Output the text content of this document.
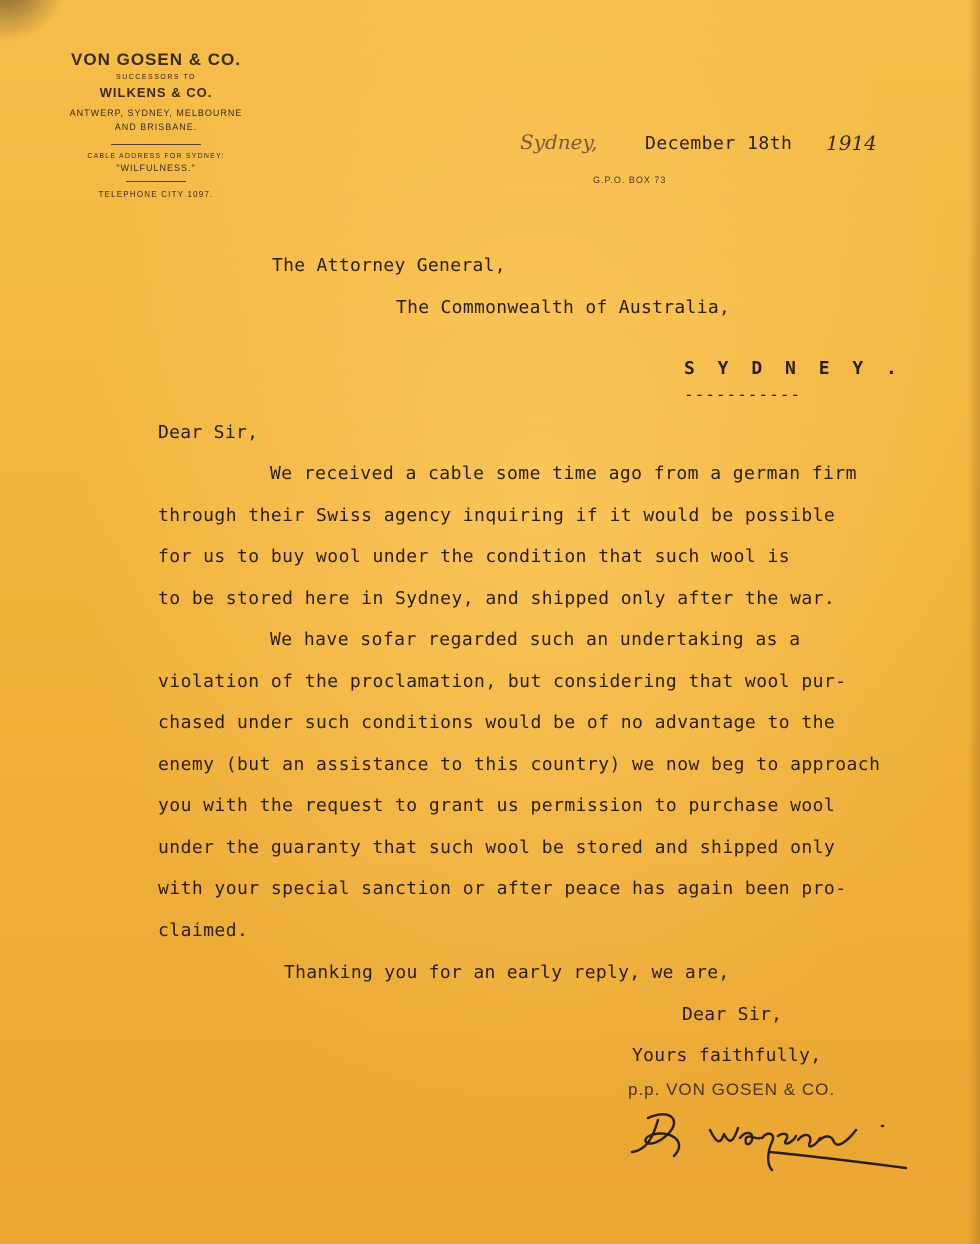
VON GOSEN & CO.
SUCCESSORS TO
WILKENS & CO.
ANTWERP, SYDNEY, MELBOURNE
AND BRISBANE.
CABLE ADDRESS FOR SYDNEY:
"WILFULNESS."
TELEPHONE CITY 1097.
Sydney,	December 18th 1914
G.P.O. BOX 73
The Attorney General,
The Commonwealth of Australia,
S Y D N E Y .
-----------
Dear Sir,
We received a cable some time ago from a german firm
through their Swiss agency inquiring if it would be possible
for us to buy wool under the condition that such wool is
to be stored here in Sydney, and shipped only after the war.
We have sofar regarded such an undertaking as a
violation of the proclamation, but considering that wool pur-
chased under such conditions would be of no advantage to the
enemy (but an assistance to this country) we now beg to approach
you with the request to grant us permission to purchase wool
under the guaranty that such wool be stored and shipped only
with your special sanction or after peace has again been pro-
claimed.
Thanking you for an early reply, we are,
Dear Sir,
Yours faithfully,
p.p. VON GOSEN & CO.
